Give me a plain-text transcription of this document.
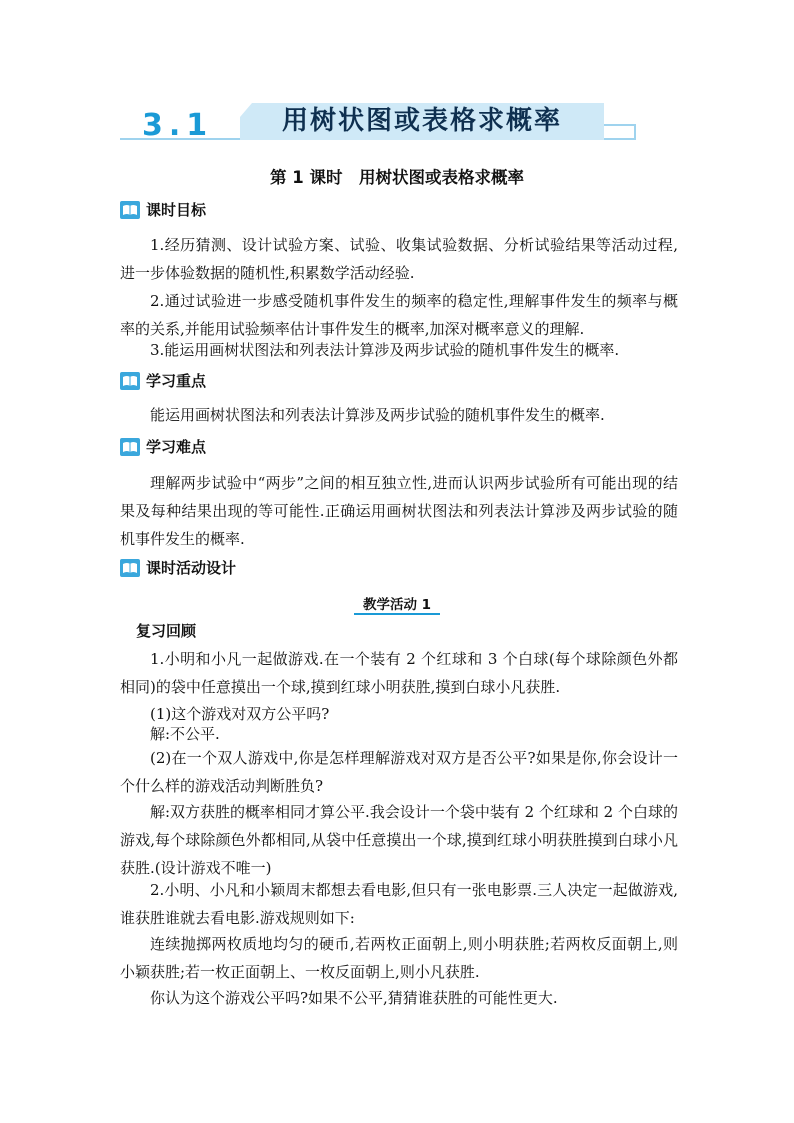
3.1	用树状图或表格求概率
第 1 课时　用树状图或表格求概率
课时目标

1.经历猜测、设计试验方案、试验、收集试验数据、分析试验结果等活动过程,进一步体验数据的随机性,积累数学活动经验.

2.通过试验进一步感受随机事件发生的频率的稳定性,理解事件发生的频率与概率的关系,并能用试验频率估计事件发生的概率,加深对概率意义的理解.

3.能运用画树状图法和列表法计算涉及两步试验的随机事件发生的概率.

学习重点

能运用画树状图法和列表法计算涉及两步试验的随机事件发生的概率.

学习难点

理解两步试验中“两步”之间的相互独立性,进而认识两步试验所有可能出现的结果及每种结果出现的等可能性.正确运用画树状图法和列表法计算涉及两步试验的随机事件发生的概率.

课时活动设计
教学活动 1
复习回顾

1.小明和小凡一起做游戏.在一个装有 2 个红球和 3 个白球(每个球除颜色外都相同)的袋中任意摸出一个球,摸到红球小明获胜,摸到白球小凡获胜.

(1)这个游戏对双方公平吗?

解:不公平.

(2)在一个双人游戏中,你是怎样理解游戏对双方是否公平?如果是你,你会设计一个什么样的游戏活动判断胜负?

解:双方获胜的概率相同才算公平.我会设计一个袋中装有 2 个红球和 2 个白球的游戏,每个球除颜色外都相同,从袋中任意摸出一个球,摸到红球小明获胜摸到白球小凡获胜.(设计游戏不唯一)

2.小明、小凡和小颖周末都想去看电影,但只有一张电影票.三人决定一起做游戏,谁获胜谁就去看电影.游戏规则如下:

连续抛掷两枚质地均匀的硬币,若两枚正面朝上,则小明获胜;若两枚反面朝上,则小颖获胜;若一枚正面朝上、一枚反面朝上,则小凡获胜.

你认为这个游戏公平吗?如果不公平,猜猜谁获胜的可能性更大.
